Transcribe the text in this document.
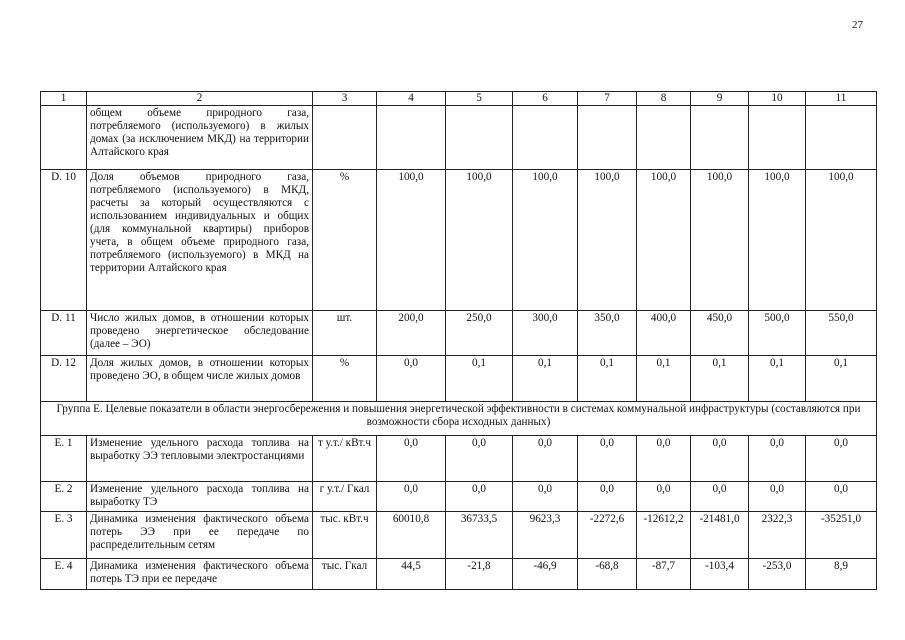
27
1	2	3	4	5	6	7	8	9	10	11
	общем объеме природного газа, потребляемого (используемого) в жилых домах (за исключением МКД) на территории Алтайского края									
D. 10	Доля объемов природного газа, потребляемого (используемого) в МКД, расчеты за который осуществляются с использованием индивидуальных и общих (для коммунальной квартиры) приборов учета, в общем объеме природного газа, потребляемого (используемого) в МКД на территории Алтайского края	%	100,0	100,0	100,0	100,0	100,0	100,0	100,0	100,0
D. 11	Число жилых домов, в отношении которых проведено энергетическое обследование (далее – ЭО)	шт.	200,0	250,0	300,0	350,0	400,0	450,0	500,0	550,0
D. 12	Доля жилых домов, в отношении которых проведено ЭО, в общем числе жилых домов	%	0,0	0,1	0,1	0,1	0,1	0,1	0,1	0,1
Группа Е. Целевые показатели в области энергосбережения и повышения энергетической эффективности в системах коммунальной инфраструктуры (составляются при возможности сбора исходных данных)										
Е. 1	Изменение удельного расхода топлива на выработку ЭЭ тепловыми электростанциями	т у.т./ кВт.ч	0,0	0,0	0,0	0,0	0,0	0,0	0,0	0,0
Е. 2	Изменение удельного расхода топлива на выработку ТЭ	г у.т./ Гкал	0,0	0,0	0,0	0,0	0,0	0,0	0,0	0,0
Е. 3	Динамика изменения фактического объема потерь ЭЭ при ее передаче по распределительным сетям	тыс. кВт.ч	60010,8	36733,5	9623,3	-2272,6	-12612,2	-21481,0	2322,3	-35251,0
Е. 4	Динамика изменения фактического объема потерь ТЭ при ее передаче	тыс. Гкал	44,5	-21,8	-46,9	-68,8	-87,7	-103,4	-253,0	8,9
